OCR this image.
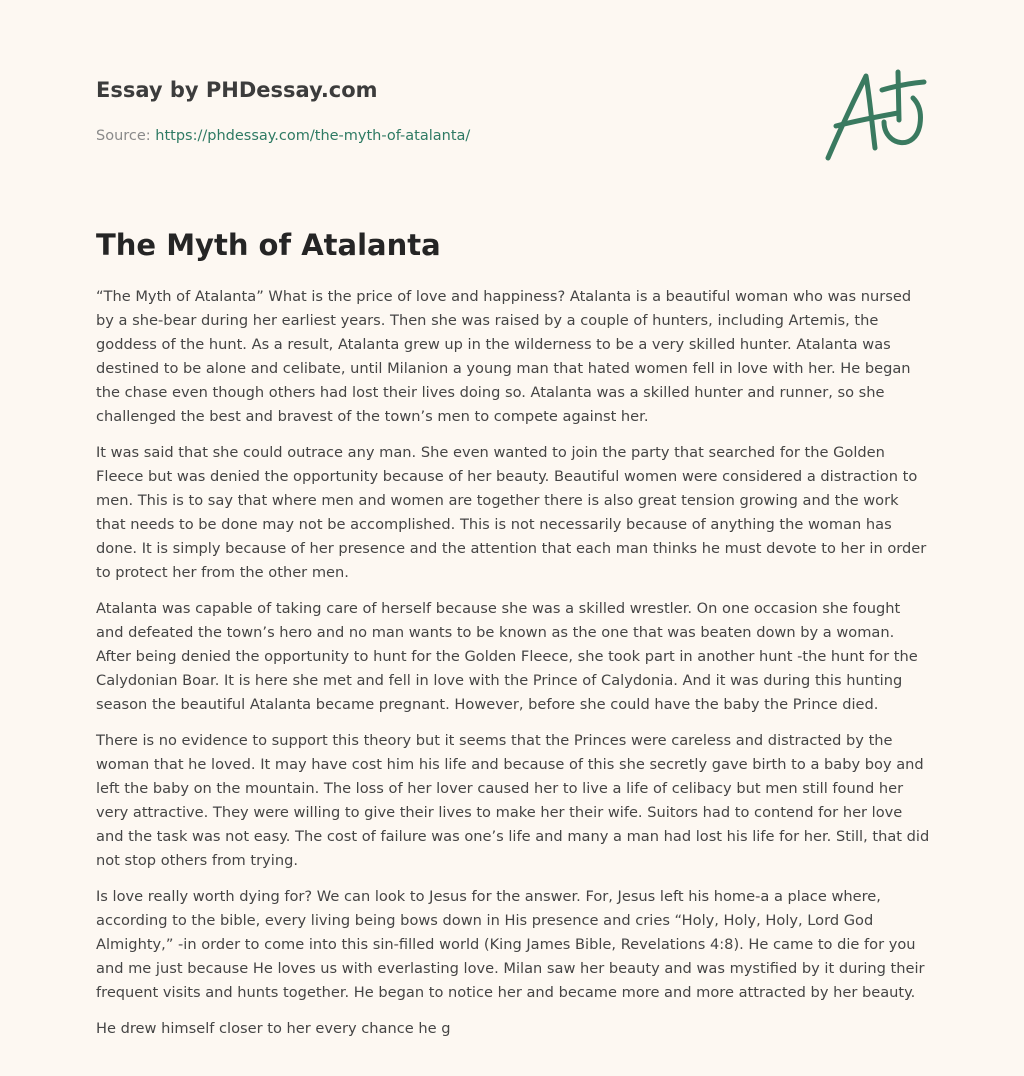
Essay by PHDessay.com
Source: https://phdessay.com/the-myth-of-atalanta/
The Myth of Atalanta

“The Myth of Atalanta” What is the price of love and happiness? Atalanta is a beautiful woman who was nursed by a she-bear during her earliest years. Then she was raised by a couple of hunters, including Artemis, the goddess of the hunt. As a result, Atalanta grew up in the wilderness to be a very skilled hunter. Atalanta was destined to be alone and celibate, until Milanion a young man that hated women fell in love with her. He began the chase even though others had lost their lives doing so. Atalanta was a skilled hunter and runner, so she challenged the best and bravest of the town’s men to compete against her.

It was said that she could outrace any man. She even wanted to join the party that searched for the Golden Fleece but was denied the opportunity because of her beauty. Beautiful women were considered a distraction to men. This is to say that where men and women are together there is also great tension growing and the work that needs to be done may not be accomplished. This is not necessarily because of anything the woman has done. It is simply because of her presence and the attention that each man thinks he must devote to her in order to protect her from the other men.

Atalanta was capable of taking care of herself because she was a skilled wrestler. On one occasion she fought and defeated the town’s hero and no man wants to be known as the one that was beaten down by a woman. After being denied the opportunity to hunt for the Golden Fleece, she took part in another hunt -the hunt for the Calydonian Boar. It is here she met and fell in love with the Prince of Calydonia. And it was during this hunting season the beautiful Atalanta became pregnant. However, before she could have the baby the Prince died.

There is no evidence to support this theory but it seems that the Princes were careless and distracted by the woman that he loved. It may have cost him his life and because of this she secretly gave birth to a baby boy and left the baby on the mountain. The loss of her lover caused her to live a life of celibacy but men still found her very attractive. They were willing to give their lives to make her their wife. Suitors had to contend for her love and the task was not easy. The cost of failure was one’s life and many a man had lost his life for her. Still, that did not stop others from trying.

Is love really worth dying for? We can look to Jesus for the answer. For, Jesus left his home-a a place where, according to the bible, every living being bows down in His presence and cries “Holy, Holy, Holy, Lord God Almighty,” -in order to come into this sin-filled world (King James Bible, Revelations 4:8). He came to die for you and me just because He loves us with everlasting love. Milan saw her beauty and was mystified by it during their frequent visits and hunts together. He began to notice her and became more and more attracted by her beauty.

He drew himself closer to her every chance he g
